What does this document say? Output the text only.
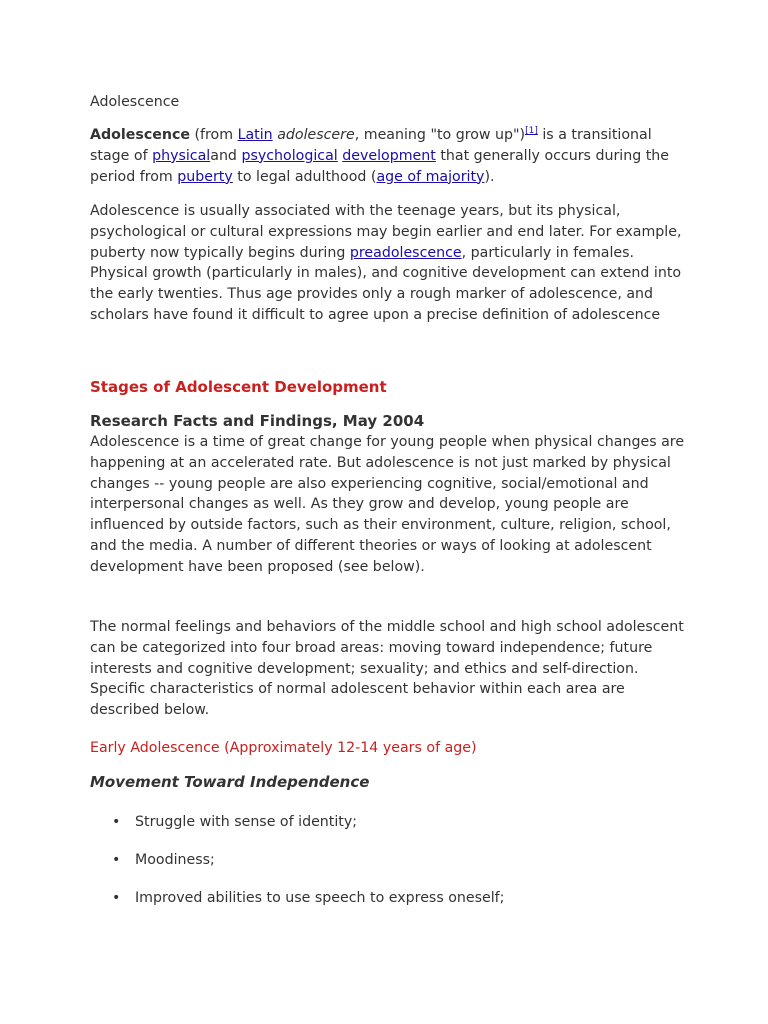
Adolescence

Adolescence (from Latin adolescere, meaning "to grow up")[1] is a transitional stage of physicaland psychological development that generally occurs during the period from puberty to legal adulthood (age of majority).

Adolescence is usually associated with the teenage years, but its physical, psychological or cultural expressions may begin earlier and end later. For example, puberty now typically begins during preadolescence, particularly in females. Physical growth (particularly in males), and cognitive development can extend into the early twenties. Thus age provides only a rough marker of adolescence, and scholars have found it difficult to agree upon a precise definition of adolescence

Stages of Adolescent Development

Research Facts and Findings, May 2004

Adolescence is a time of great change for young people when physical changes are happening at an accelerated rate. But adolescence is not just marked by physical changes -- young people are also experiencing cognitive, social/emotional and interpersonal changes as well. As they grow and develop, young people are influenced by outside factors, such as their environment, culture, religion, school, and the media. A number of different theories or ways of looking at adolescent development have been proposed (see below).

The normal feelings and behaviors of the middle school and high school adolescent can be categorized into four broad areas: moving toward independence; future interests and cognitive development; sexuality; and ethics and self-direction. Specific characteristics of normal adolescent behavior within each area are described below.

Early Adolescence (Approximately 12-14 years of age)

Movement Toward Independence

• Struggle with sense of identity;
• Moodiness;
• Improved abilities to use speech to express oneself;
